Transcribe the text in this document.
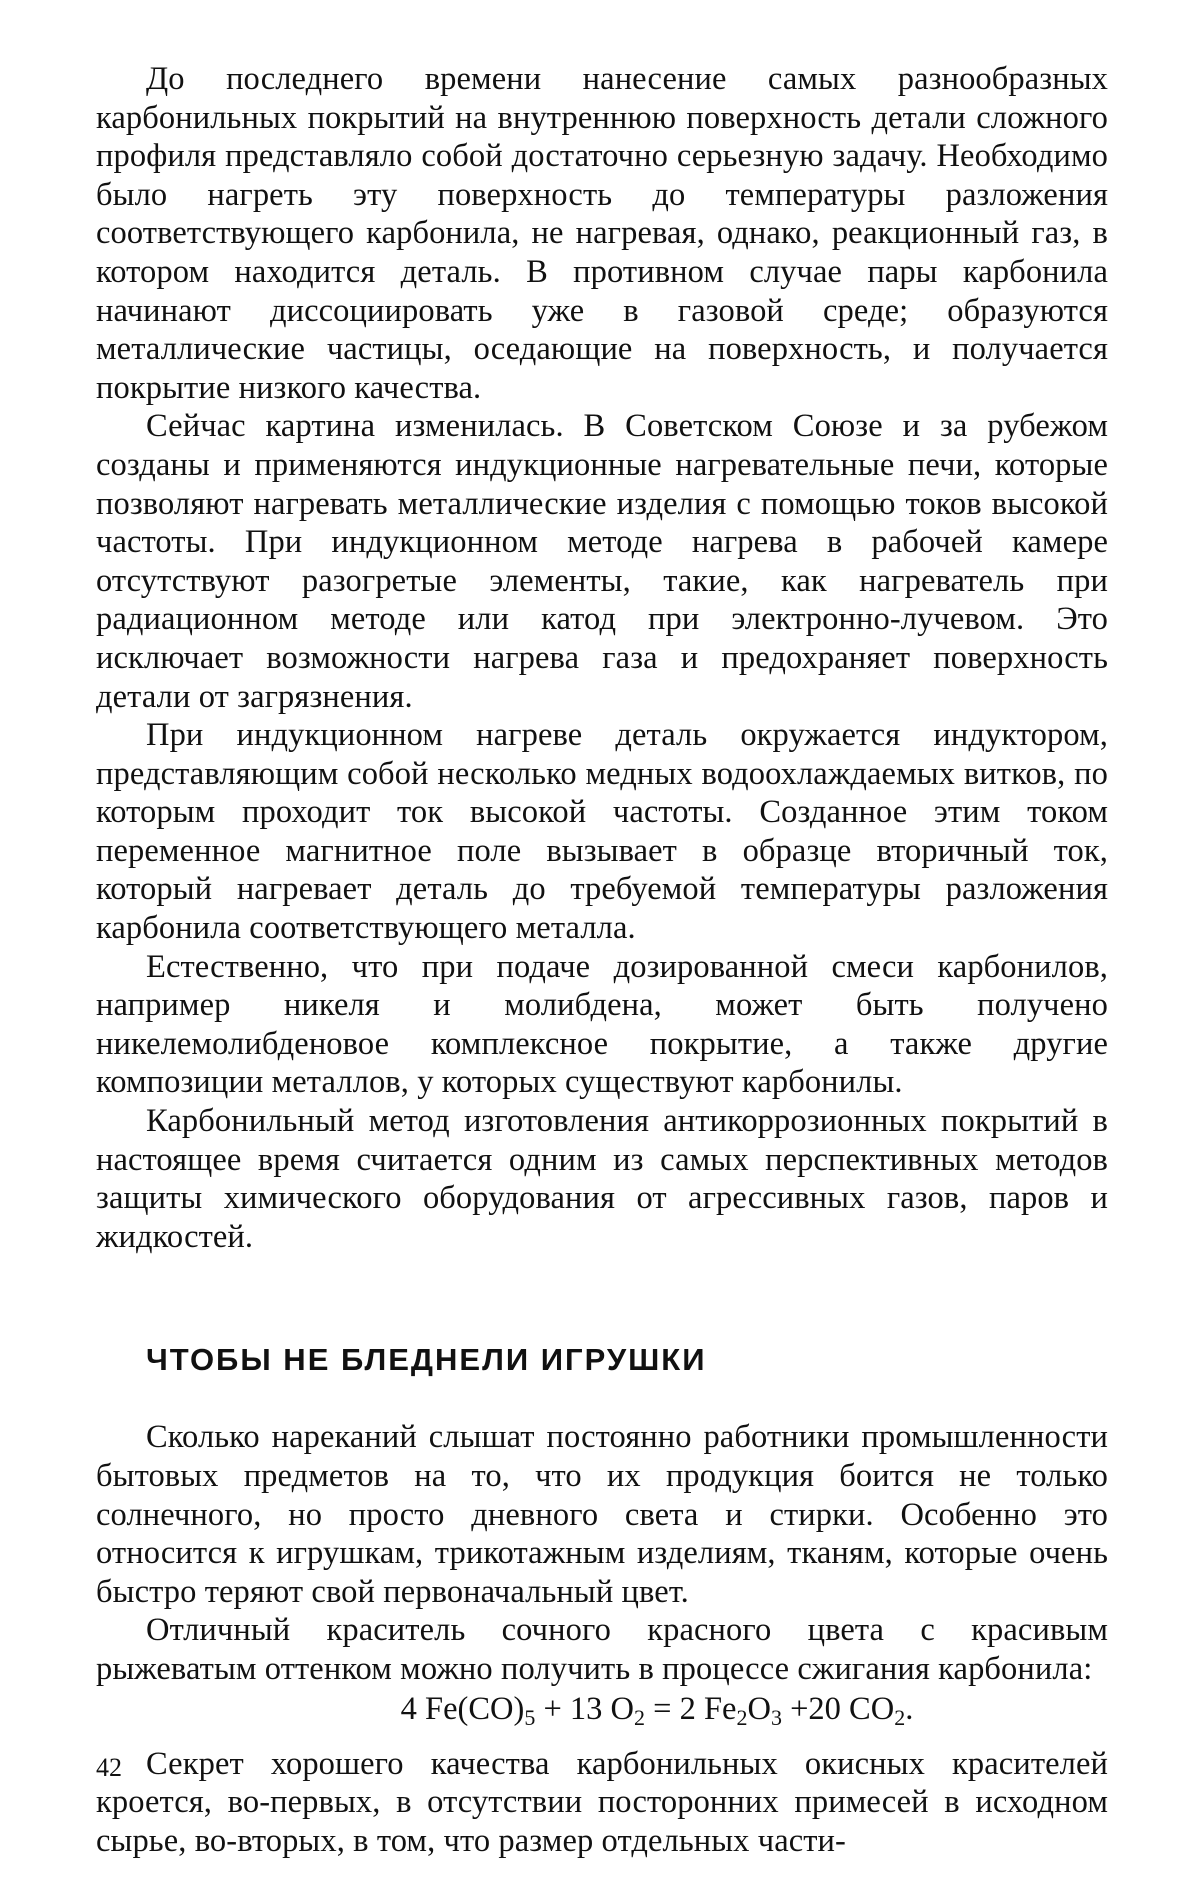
До последнего времени нанесение самых разнообразных карбонильных покрытий на внутреннюю поверхность детали сложного профиля представляло собой достаточно серьезную задачу. Необходимо было нагреть эту поверхность до температуры разложения соответствующего карбонила, не нагревая, однако, реакционный газ, в котором находится деталь. В противном случае пары карбонила начинают диссоциировать уже в газовой среде; образуются металлические частицы, оседающие на поверхность, и получается покрытие низкого качества.

Сейчас картина изменилась. В Советском Союзе и за рубежом созданы и применяются индукционные нагревательные печи, которые позволяют нагревать металлические изделия с помощью токов высокой частоты. При индукционном методе нагрева в рабочей камере отсутствуют разогретые элементы, такие, как нагреватель при радиационном методе или катод при электронно-лучевом. Это исключает возможности нагрева газа и предохраняет поверхность детали от загрязнения.

При индукционном нагреве деталь окружается индуктором, представляющим собой несколько медных водоохлаждаемых витков, по которым проходит ток высокой частоты. Созданное этим током переменное магнитное поле вызывает в образце вторичный ток, который нагревает деталь до требуемой температуры разложения карбонила соответствующего металла.

Естественно, что при подаче дозированной смеси карбонилов, например никеля и молибдена, может быть получено никелемолибденовое комплексное покрытие, а также другие композиции металлов, у которых существуют карбонилы.

Карбонильный метод изготовления антикоррозионных покрытий в настоящее время считается одним из самых перспективных методов защиты химического оборудования от агрессивных газов, паров и жидкостей.

ЧТОБЫ НЕ БЛЕДНЕЛИ ИГРУШКИ

Сколько нареканий слышат постоянно работники промышленности бытовых предметов на то, что их продукция боится не только солнечного, но просто дневного света и стирки. Особенно это относится к игрушкам, трикотажным изделиям, тканям, которые очень быстро теряют свой первоначальный цвет.

Отличный краситель сочного красного цвета с красивым рыжеватым оттенком можно получить в процессе сжигания карбонила:

4 $Fe(CO)_5 + 13$ $O_2 = 2$ $Fe_2O_3 +20$ $CO_2$.

Секрет хорошего качества карбонильных окисных красителей кроется, во-первых, в отсутствии посторонних примесей в исходном сырье, во-вторых, в том, что размер отдельных части-

42
